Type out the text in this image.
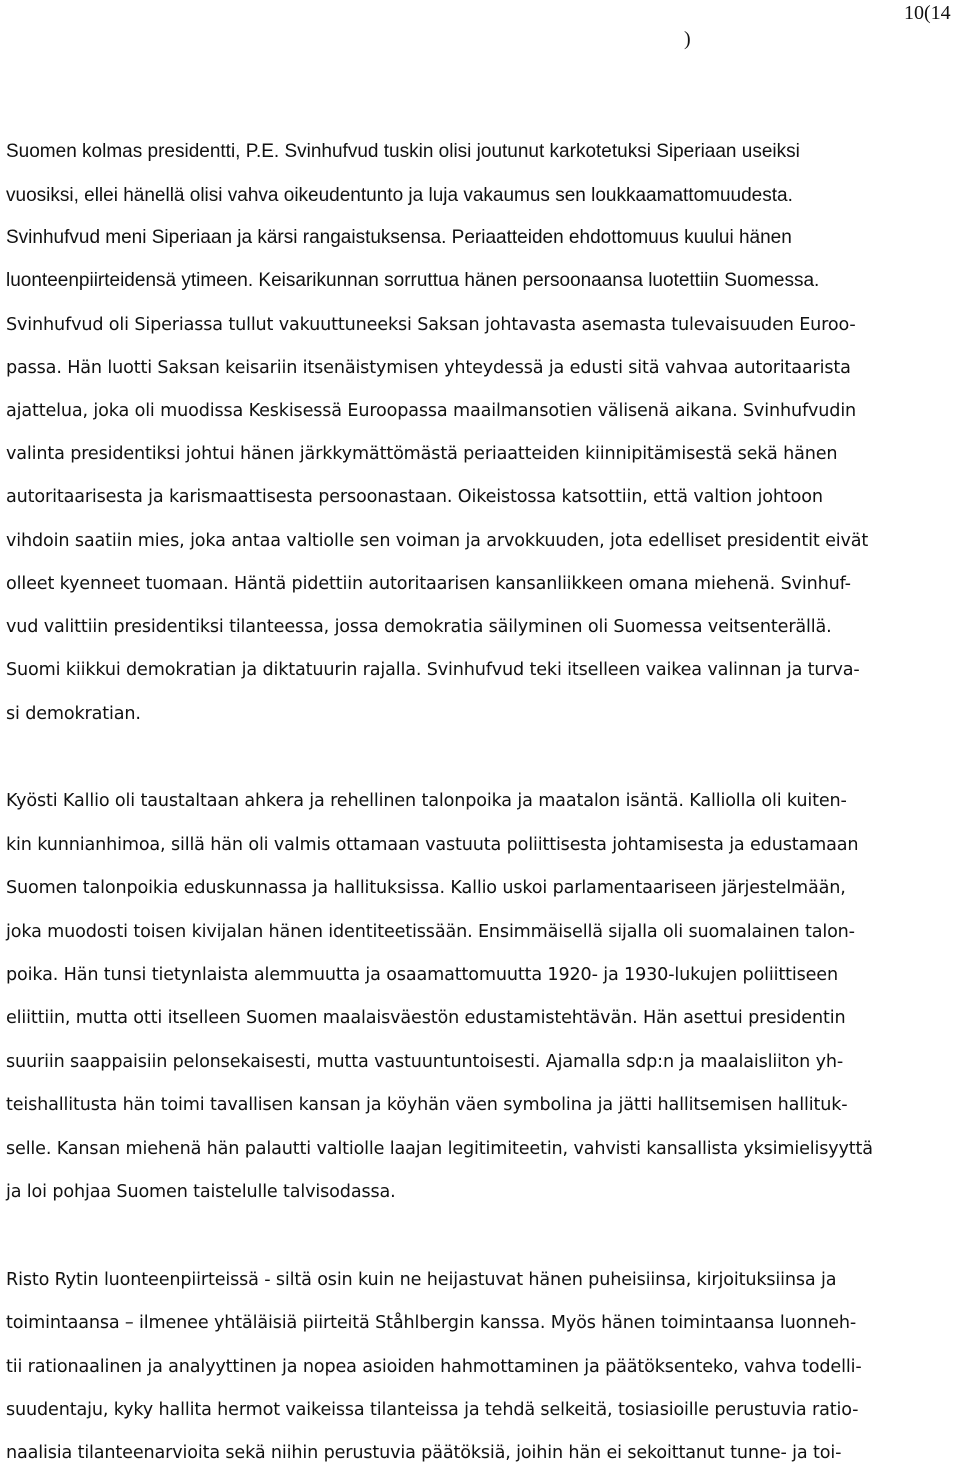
10(14
)
Suomen kolmas presidentti, P.E. Svinhufvud tuskin olisi joutunut karkotetuksi Siperiaan useiksi
vuosiksi, ellei hänellä olisi vahva oikeudentunto ja luja vakaumus sen loukkaamattomuudesta.
Svinhufvud meni Siperiaan ja kärsi rangaistuksensa. Periaatteiden ehdottomuus kuului hänen
luonteenpiirteidensä ytimeen. Keisarikunnan sorruttua hänen persoonaansa luotettiin Suomessa.
Svinhufvud oli Siperiassa tullut vakuuttuneeksi Saksan johtavasta asemasta tulevaisuuden Euroo-
passa. Hän luotti Saksan keisariin itsenäistymisen yhteydessä ja edusti sitä vahvaa autoritaarista
ajattelua, joka oli muodissa Keskisessä Euroopassa maailmansotien välisenä aikana. Svinhufvudin
valinta presidentiksi johtui hänen järkkymättömästä periaatteiden kiinnipitämisestä sekä hänen
autoritaarisesta ja karismaattisesta persoonastaan. Oikeistossa katsottiin, että valtion johtoon
vihdoin saatiin mies, joka antaa valtiolle sen voiman ja arvokkuuden, jota edelliset presidentit eivät
olleet kyenneet tuomaan. Häntä pidettiin autoritaarisen kansanliikkeen omana miehenä. Svinhuf-
vud valittiin presidentiksi tilanteessa, jossa demokratia säilyminen oli Suomessa veitsenterällä.
Suomi kiikkui demokratian ja diktatuurin rajalla. Svinhufvud teki itselleen vaikea valinnan ja turva-
si demokratian.
Kyösti Kallio oli taustaltaan ahkera ja rehellinen talonpoika ja maatalon isäntä. Kalliolla oli kuiten-
kin kunnianhimoa, sillä hän oli valmis ottamaan vastuuta poliittisesta johtamisesta ja edustamaan
Suomen talonpoikia eduskunnassa ja hallituksissa. Kallio uskoi parlamentaariseen järjestelmään,
joka muodosti toisen kivijalan hänen identiteetissään. Ensimmäisellä sijalla oli suomalainen talon-
poika. Hän tunsi tietynlaista alemmuutta ja osaamattomuutta 1920- ja 1930-lukujen poliittiseen
eliittiin, mutta otti itselleen Suomen maalaisväestön edustamistehtävän. Hän asettui presidentin
suuriin saappaisiin pelonsekaisesti, mutta vastuuntuntoisesti. Ajamalla sdp:n ja maalaisliiton yh-
teishallitusta hän toimi tavallisen kansan ja köyhän väen symbolina ja jätti hallitsemisen hallituk-
selle. Kansan miehenä hän palautti valtiolle laajan legitimiteetin, vahvisti kansallista yksimielisyyttä
ja loi pohjaa Suomen taistelulle talvisodassa.
Risto Rytin luonteenpiirteissä - siltä osin kuin ne heijastuvat hänen puheisiinsa, kirjoituksiinsa ja
toimintaansa – ilmenee yhtäläisiä piirteitä Ståhlbergin kanssa. Myös hänen toimintaansa luonneh-
tii rationaalinen ja analyyttinen ja nopea asioiden hahmottaminen ja päätöksenteko, vahva todelli-
suudentaju, kyky hallita hermot vaikeissa tilanteissa ja tehdä selkeitä, tosiasioille perustuvia ratio-
naalisia tilanteenarvioita sekä niihin perustuvia päätöksiä, joihin hän ei sekoittanut tunne- ja toi-
